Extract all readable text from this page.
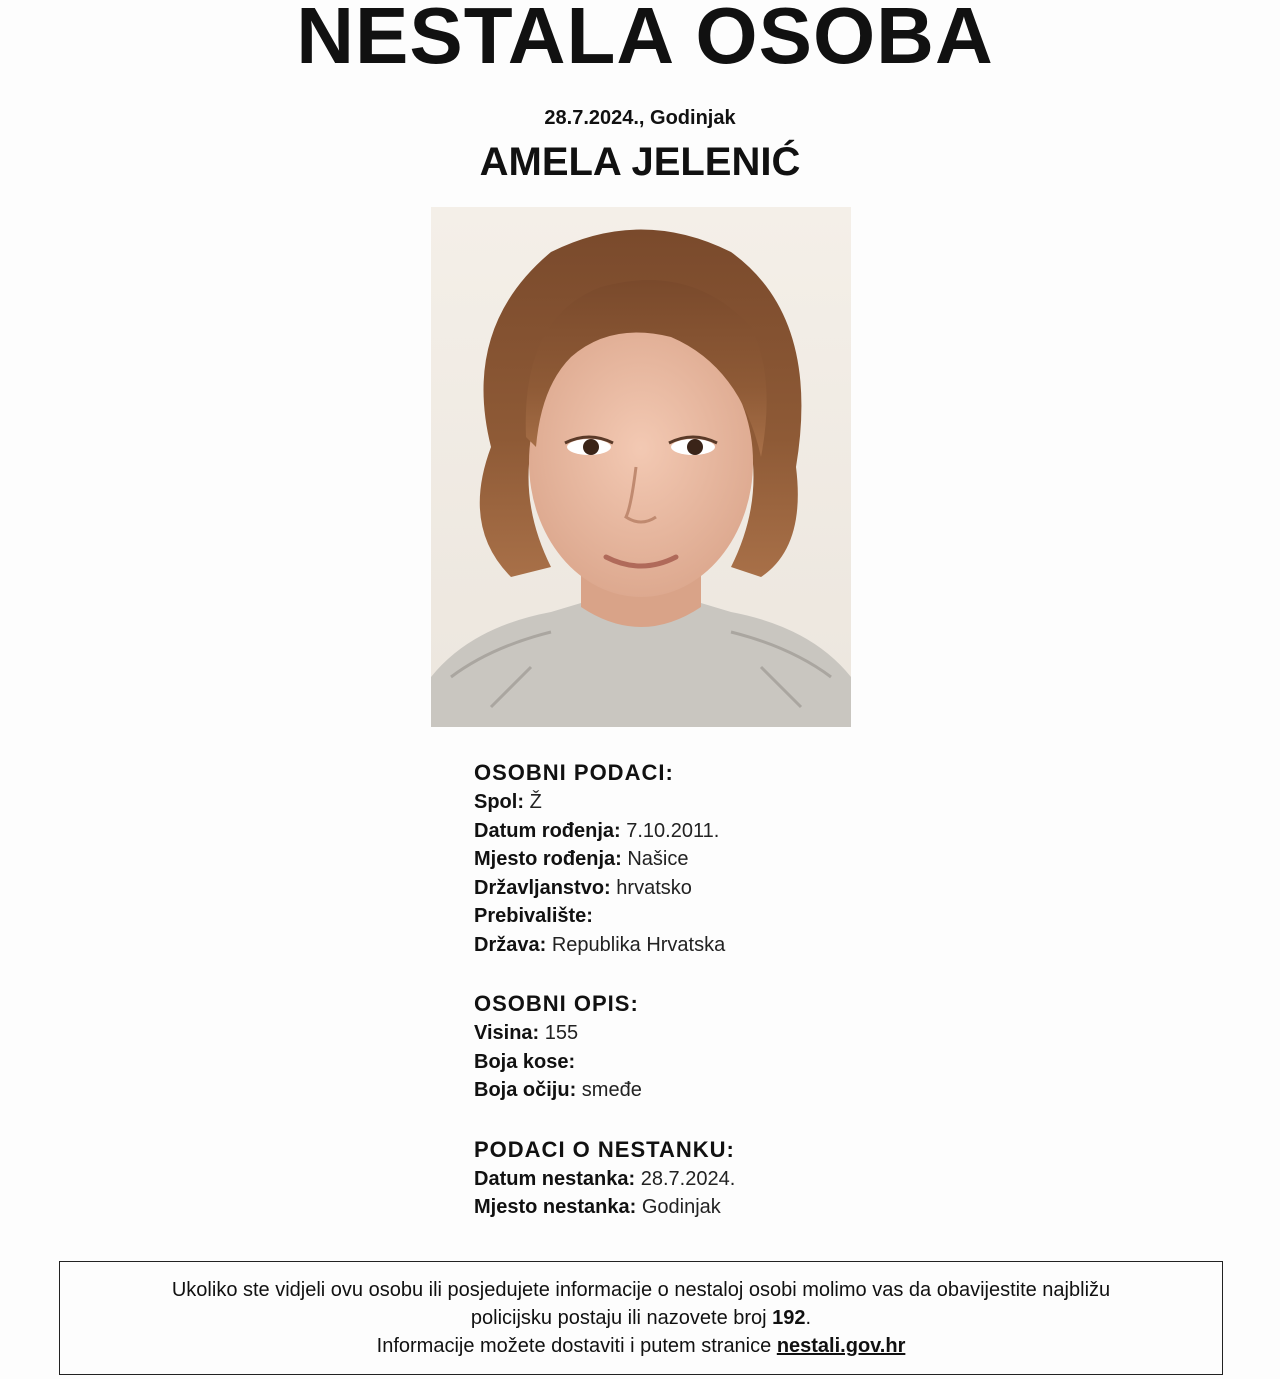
NESTALA OSOBA
28.7.2024., Godinjak
AMELA JELENIĆ
OSOBNI PODACI:
Spol: Ž
Datum rođenja: 7.10.2011.
Mjesto rođenja: Našice
Državljanstvo: hrvatsko
Prebivalište:
Država: Republika Hrvatska
OSOBNI OPIS:
Visina: 155
Boja kose:
Boja očiju: smeđe
PODACI O NESTANKU:
Datum nestanka: 28.7.2024.
Mjesto nestanka: Godinjak
Ukoliko ste vidjeli ovu osobu ili posjedujete informacije o nestaloj osobi molimo vas da obavijestite najbližu
policijsku postaju ili nazovete broj 192.
Informacije možete dostaviti i putem stranice nestali.gov.hr
